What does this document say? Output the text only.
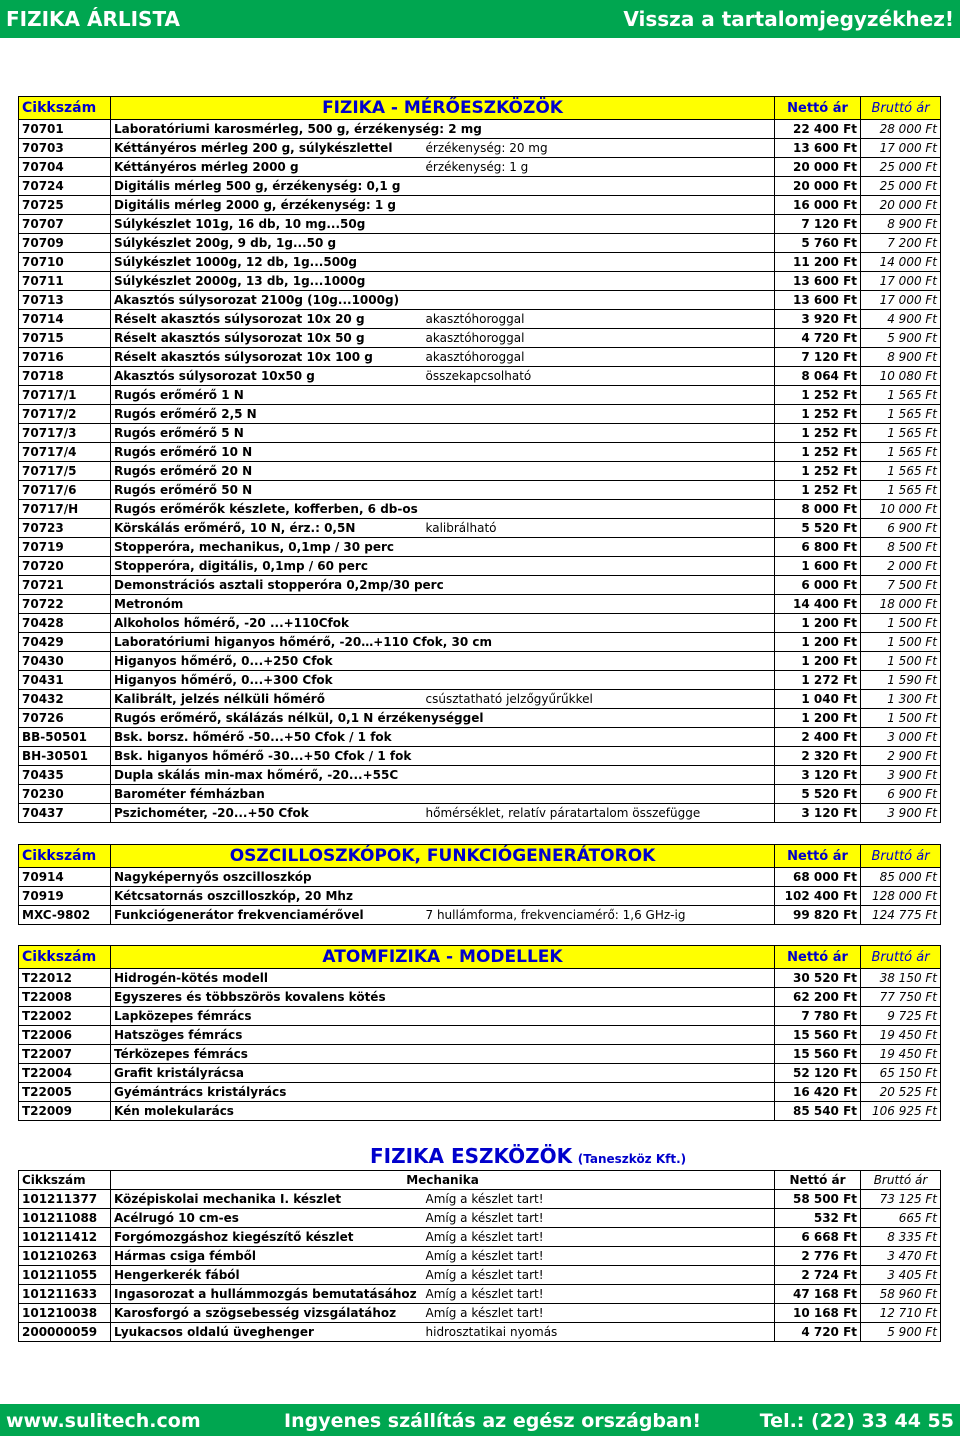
FIZIKA ÁRLISTA	Vissza a tartalomjegyzékhez!
Cikkszám	FIZIKA - MÉRŐESZKÖZÖK		Nettó ár	Bruttó ár
70701	Laboratóriumi karosmérleg, 500 g, érzékenység: 2 mg		22 400 Ft	28 000 Ft
70703	Kéttányéros mérleg 200 g, súlykészlettel	érzékenység: 20 mg	13 600 Ft	17 000 Ft
70704	Kéttányéros mérleg 2000 g	érzékenység: 1 g	20 000 Ft	25 000 Ft
70724	Digitális mérleg 500 g, érzékenység: 0,1 g		20 000 Ft	25 000 Ft
70725	Digitális mérleg 2000 g, érzékenység: 1 g		16 000 Ft	20 000 Ft
70707	Súlykészlet 101g, 16 db, 10 mg...50g		7 120 Ft	8 900 Ft
70709	Súlykészlet 200g, 9 db, 1g...50 g		5 760 Ft	7 200 Ft
70710	Súlykészlet 1000g, 12 db, 1g...500g		11 200 Ft	14 000 Ft
70711	Súlykészlet 2000g, 13 db, 1g...1000g		13 600 Ft	17 000 Ft
70713	Akasztós súlysorozat 2100g (10g...1000g)		13 600 Ft	17 000 Ft
70714	Réselt akasztós súlysorozat 10x 20 g	akasztóhoroggal	3 920 Ft	4 900 Ft
70715	Réselt akasztós súlysorozat 10x 50 g	akasztóhoroggal	4 720 Ft	5 900 Ft
70716	Réselt akasztós súlysorozat 10x 100 g	akasztóhoroggal	7 120 Ft	8 900 Ft
70718	Akasztós súlysorozat 10x50 g	összekapcsolható	8 064 Ft	10 080 Ft
70717/1	Rugós erőmérő 1 N		1 252 Ft	1 565 Ft
70717/2	Rugós erőmérő 2,5 N		1 252 Ft	1 565 Ft
70717/3	Rugós erőmérő 5 N		1 252 Ft	1 565 Ft
70717/4	Rugós erőmérő 10 N		1 252 Ft	1 565 Ft
70717/5	Rugós erőmérő 20 N		1 252 Ft	1 565 Ft
70717/6	Rugós erőmérő 50 N		1 252 Ft	1 565 Ft
70717/H	Rugós erőmérők készlete, kofferben, 6 db-os		8 000 Ft	10 000 Ft
70723	Körskálás erőmérő, 10 N, érz.: 0,5N	kalibrálható	5 520 Ft	6 900 Ft
70719	Stopperóra, mechanikus, 0,1mp / 30 perc		6 800 Ft	8 500 Ft
70720	Stopperóra, digitális, 0,1mp / 60 perc		1 600 Ft	2 000 Ft
70721	Demonstrációs asztali stopperóra 0,2mp/30 perc		6 000 Ft	7 500 Ft
70722	Metronóm		14 400 Ft	18 000 Ft
70428	Alkoholos hőmérő, -20 ...+110Cfok		1 200 Ft	1 500 Ft
70429	Laboratóriumi higanyos hőmérő, -20…+110 Cfok, 30 cm		1 200 Ft	1 500 Ft
70430	Higanyos hőmérő, 0...+250 Cfok		1 200 Ft	1 500 Ft
70431	Higanyos hőmérő, 0...+300 Cfok		1 272 Ft	1 590 Ft
70432	Kalibrált, jelzés nélküli hőmérő	csúsztatható jelzőgyűrűkkel	1 040 Ft	1 300 Ft
70726	Rugós erőmérő, skálázás nélkül, 0,1 N érzékenységgel		1 200 Ft	1 500 Ft
BB-50501	Bsk. borsz. hőmérő -50...+50 Cfok / 1 fok		2 400 Ft	3 000 Ft
BH-30501	Bsk. higanyos hőmérő -30...+50 Cfok / 1 fok		2 320 Ft	2 900 Ft
70435	Dupla skálás min-max hőmérő, -20...+55C		3 120 Ft	3 900 Ft
70230	Barométer fémházban		5 520 Ft	6 900 Ft
70437	Pszichométer, -20...+50 Cfok	hőmérséklet, relatív páratartalom összefügge	3 120 Ft	3 900 Ft
Cikkszám	OSZCILLOSZKÓPOK, FUNKCIÓGENERÁTOROK		Nettó ár	Bruttó ár
70914	Nagyképernyős oszcilloszkóp		68 000 Ft	85 000 Ft
70919	Kétcsatornás oszcilloszkóp, 20 Mhz		102 400 Ft	128 000 Ft
MXC-9802	Funkciógenerátor frekvenciamérővel	7 hullámforma, frekvenciamérő: 1,6 GHz-ig	99 820 Ft	124 775 Ft
Cikkszám	ATOMFIZIKA - MODELLEK	Nettó ár	Bruttó ár
T22012	Hidrogén-kötés modell	30 520 Ft	38 150 Ft
T22008	Egyszeres és többszörös kovalens kötés	62 200 Ft	77 750 Ft
T22002	Lapközepes fémrács	7 780 Ft	9 725 Ft
T22006	Hatszöges fémrács	15 560 Ft	19 450 Ft
T22007	Térközepes fémrács	15 560 Ft	19 450 Ft
T22004	Grafit kristályrácsa	52 120 Ft	65 150 Ft
T22005	Gyémántrács kristályrács	16 420 Ft	20 525 Ft
T22009	Kén molekularács	85 540 Ft	106 925 Ft
FIZIKA ESZKÖZÖK (Taneszköz Kft.)
Cikkszám	Mechanika		Nettó ár	Bruttó ár
101211377	Középiskolai mechanika I. készlet	Amíg a készlet tart!	58 500 Ft	73 125 Ft
101211088	Acélrugó 10 cm-es	Amíg a készlet tart!	532 Ft	665 Ft
101211412	Forgómozgáshoz kiegészítő készlet	Amíg a készlet tart!	6 668 Ft	8 335 Ft
101210263	Hármas csiga fémből	Amíg a készlet tart!	2 776 Ft	3 470 Ft
101211055	Hengerkerék fából	Amíg a készlet tart!	2 724 Ft	3 405 Ft
101211633	Ingasorozat a hullámmozgás bemutatásához	Amíg a készlet tart!	47 168 Ft	58 960 Ft
101210038	Karosforgó a szögsebesség vizsgálatához	Amíg a készlet tart!	10 168 Ft	12 710 Ft
200000059	Lyukacsos oldalú üveghenger	hidrosztatikai nyomás	4 720 Ft	5 900 Ft
www.sulitech.com	Ingyenes szállítás az egész országban!	Tel.: (22) 33 44 55
